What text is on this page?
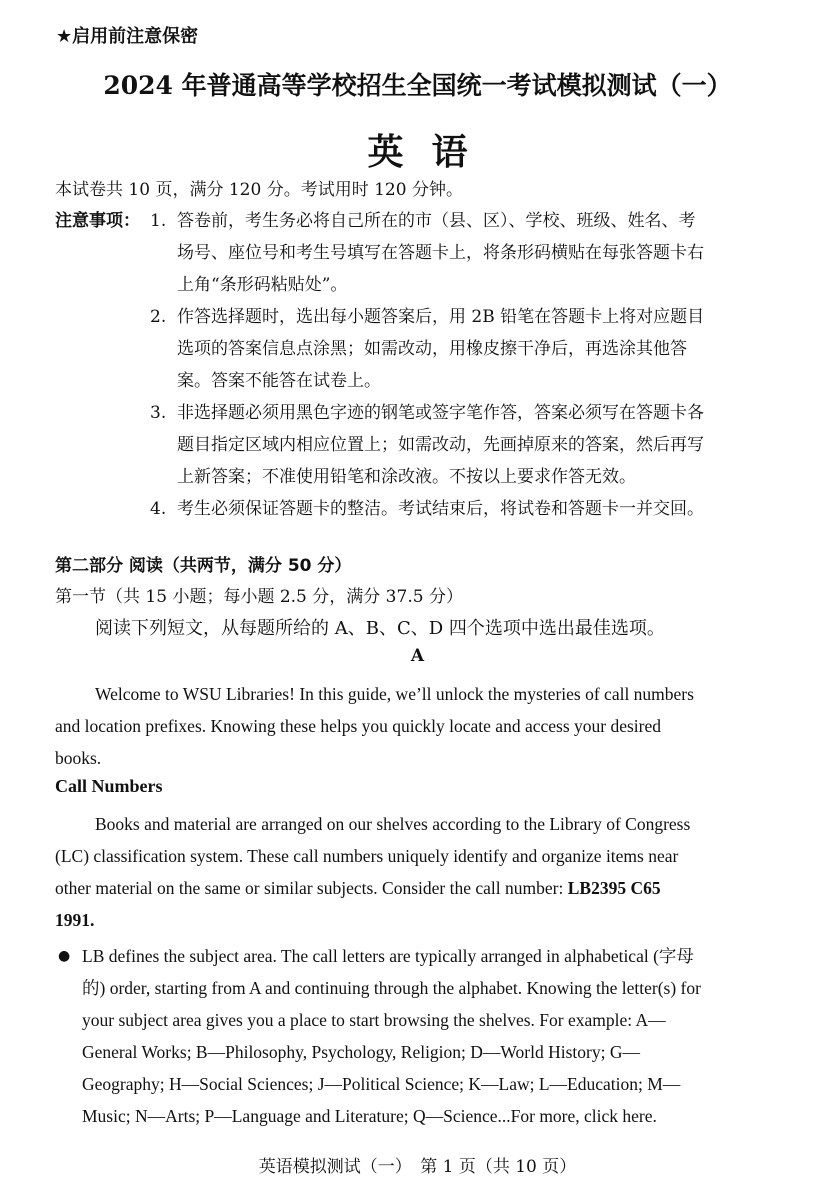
★启用前注意保密
2024 年普通高等学校招生全国统一考试模拟测试（一）
英语
本试卷共 10 页，满分 120 分。考试用时 120 分钟。
注意事项： 1. 答卷前，考生务必将自己所在的市（县、区）、学校、班级、姓名、考
场号、座位号和考生号填写在答题卡上，将条形码横贴在每张答题卡右
上角“条形码粘贴处”。
2. 作答选择题时，选出每小题答案后，用 2B 铅笔在答题卡上将对应题目
选项的答案信息点涂黑；如需改动，用橡皮擦干净后，再选涂其他答
案。答案不能答在试卷上。
3. 非选择题必须用黑色字迹的钢笔或签字笔作答，答案必须写在答题卡各
题目指定区域内相应位置上；如需改动，先画掉原来的答案，然后再写
上新答案；不准使用铅笔和涂改液。不按以上要求作答无效。
4. 考生必须保证答题卡的整洁。考试结束后，将试卷和答题卡一并交回。
第二部分 阅读（共两节，满分 50 分）
第一节（共 15 小题；每小题 2.5 分，满分 37.5 分）
阅读下列短文，从每题所给的 A、B、C、D 四个选项中选出最佳选项。
A
Welcome to WSU Libraries! In this guide, we’ll unlock the mysteries of call numbers
and location prefixes. Knowing these helps you quickly locate and access your desired
books.
Call Numbers
Books and material are arranged on our shelves according to the Library of Congress
(LC) classification system. These call numbers uniquely identify and organize items near
other material on the same or similar subjects. Consider the call number: LB2395 C65
1991.
● LB defines the subject area. The call letters are typically arranged in alphabetical (字母
的) order, starting from A and continuing through the alphabet. Knowing the letter(s) for
your subject area gives you a place to start browsing the shelves. For example: A—
General Works; B—Philosophy, Psychology, Religion; D—World History; G—
Geography; H—Social Sciences; J—Political Science; K—Law; L—Education; M—
Music; N—Arts; P—Language and Literature; Q—Science...For more, click here.
英语模拟测试（一）　第 1 页（共 10 页）
